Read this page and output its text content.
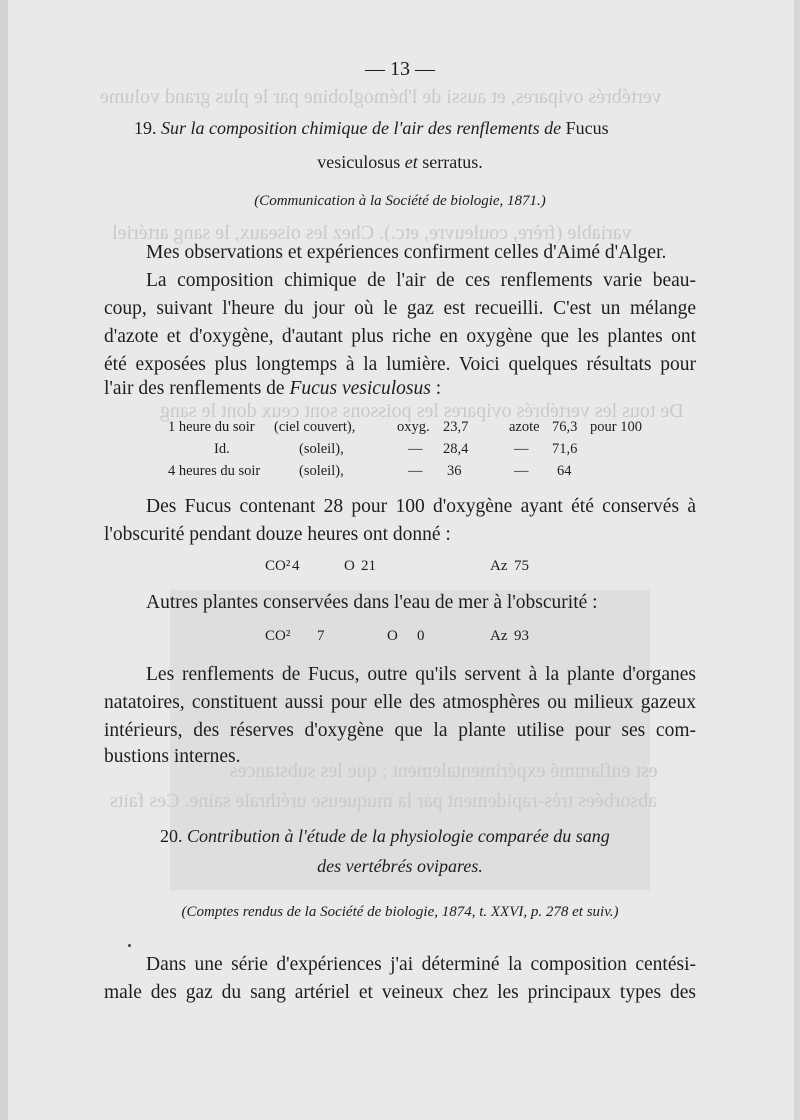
vertébrés ovipares, et aussi de l'hémoglobine par le plus grand volume
variable (frère, couleuvre, etc.). Chez les oiseaux, le sang artériel
De tous les vertébrés ovipares les poissons sont ceux dont le sang
est enflammé expérimentalement ; que les substances
absorbées très-rapidement par la muqueuse uréthrale saine. Ces faits
— 13 —
19. Sur la composition chimique de l'air des renflements de Fucus
vesiculosus et serratus.
(Communication à la Société de biologie, 1871.)
Mes observations et expériences confirment celles d'Aimé d'Alger.
La composition chimique de l'air de ces renflements varie beau-
coup, suivant l'heure du jour où le gaz est recueilli. C'est un mélange
d'azote et d'oxygène, d'autant plus riche en oxygène que les plantes ont
été exposées plus longtemps à la lumière. Voici quelques résultats pour
l'air des renflements de Fucus vesiculosus :
1 heure du soir (ciel couvert),	oxyg. 23,7	azote 76,3 pour 100
Id.	(soleil),	— 28,4	— 71,6
4 heures du soir	(soleil),	— 36	— 64
Des Fucus contenant 28 pour 100 d'oxygène ayant été conservés à
l'obscurité pendant douze heures ont donné :
CO² 4	O 21	Az 75
Autres plantes conservées dans l'eau de mer à l'obscurité :
CO² 7	O 0	Az 93
Les renflements de Fucus, outre qu'ils servent à la plante d'organes
natatoires, constituent aussi pour elle des atmosphères ou milieux gazeux
intérieurs, des réserves d'oxygène que la plante utilise pour ses com-
bustions internes.
20. Contribution à l'étude de la physiologie comparée du sang
des vertébrés ovipares.
(Comptes rendus de la Société de biologie, 1874, t. XXVI, p. 278 et suiv.)
Dans une série d'expériences j'ai déterminé la composition centési-
male des gaz du sang artériel et veineux chez les principaux types des
